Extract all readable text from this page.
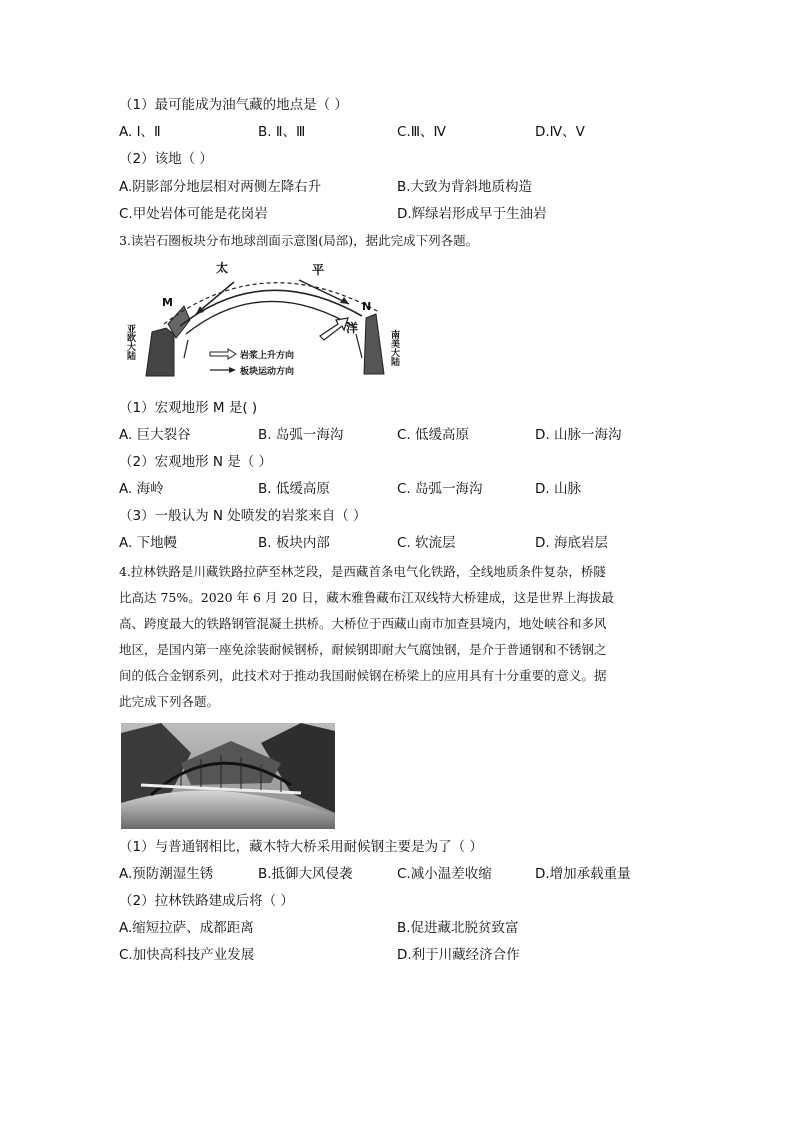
（1）最可能成为油气藏的地点是（ ）
A. Ⅰ、Ⅱ	B. Ⅱ、Ⅲ	C.Ⅲ、Ⅳ	D.Ⅳ、Ⅴ
（2）该地（ ）
A.阴影部分地层相对两侧左降右升	B.大致为背斜地质构造
C.甲处岩体可能是花岗岩	D.辉绿岩形成早于生油岩
3.读岩石圈板块分布地球剖面示意图(局部)，据此完成下列各题。
太	平
洋
M	N
亚欧大陆	南美大陆
岩浆上升方向
板块运动方向
（1）宏观地形 M 是( )
A. 巨大裂谷	B. 岛弧一海沟	C. 低缓高原	D. 山脉一海沟
（2）宏观地形 N 是（ ）
A. 海岭	B. 低缓高原	C. 岛弧一海沟	D. 山脉
（3）一般认为 N 处喷发的岩浆来自（ ）
A. 下地幔	B. 板块内部	C. 软流层	D. 海底岩层
4.拉林铁路是川藏铁路拉萨至林芝段，是西藏首条电气化铁路，全线地质条件复杂，桥隧
比高达 75%。2020 年 6 月 20 日，藏木雅鲁藏布江双线特大桥建成，这是世界上海拔最
高、跨度最大的铁路钢管混凝土拱桥。大桥位于西藏山南市加查县境内，地处峡谷和多风
地区，是国内第一座免涂装耐候钢桥，耐候钢即耐大气腐蚀钢，是介于普通钢和不锈钢之
间的低合金钢系列，此技术对于推动我国耐候钢在桥梁上的应用具有十分重要的意义。据
此完成下列各题。
（1）与普通钢相比，藏木特大桥采用耐候钢主要是为了（ ）
A.预防潮湿生锈	B.抵御大风侵袭	C.减小温差收缩	D.增加承载重量
（2）拉林铁路建成后将（ ）
A.缩短拉萨、成都距离	B.促进藏北脱贫致富
C.加快高科技产业发展	D.利于川藏经济合作
